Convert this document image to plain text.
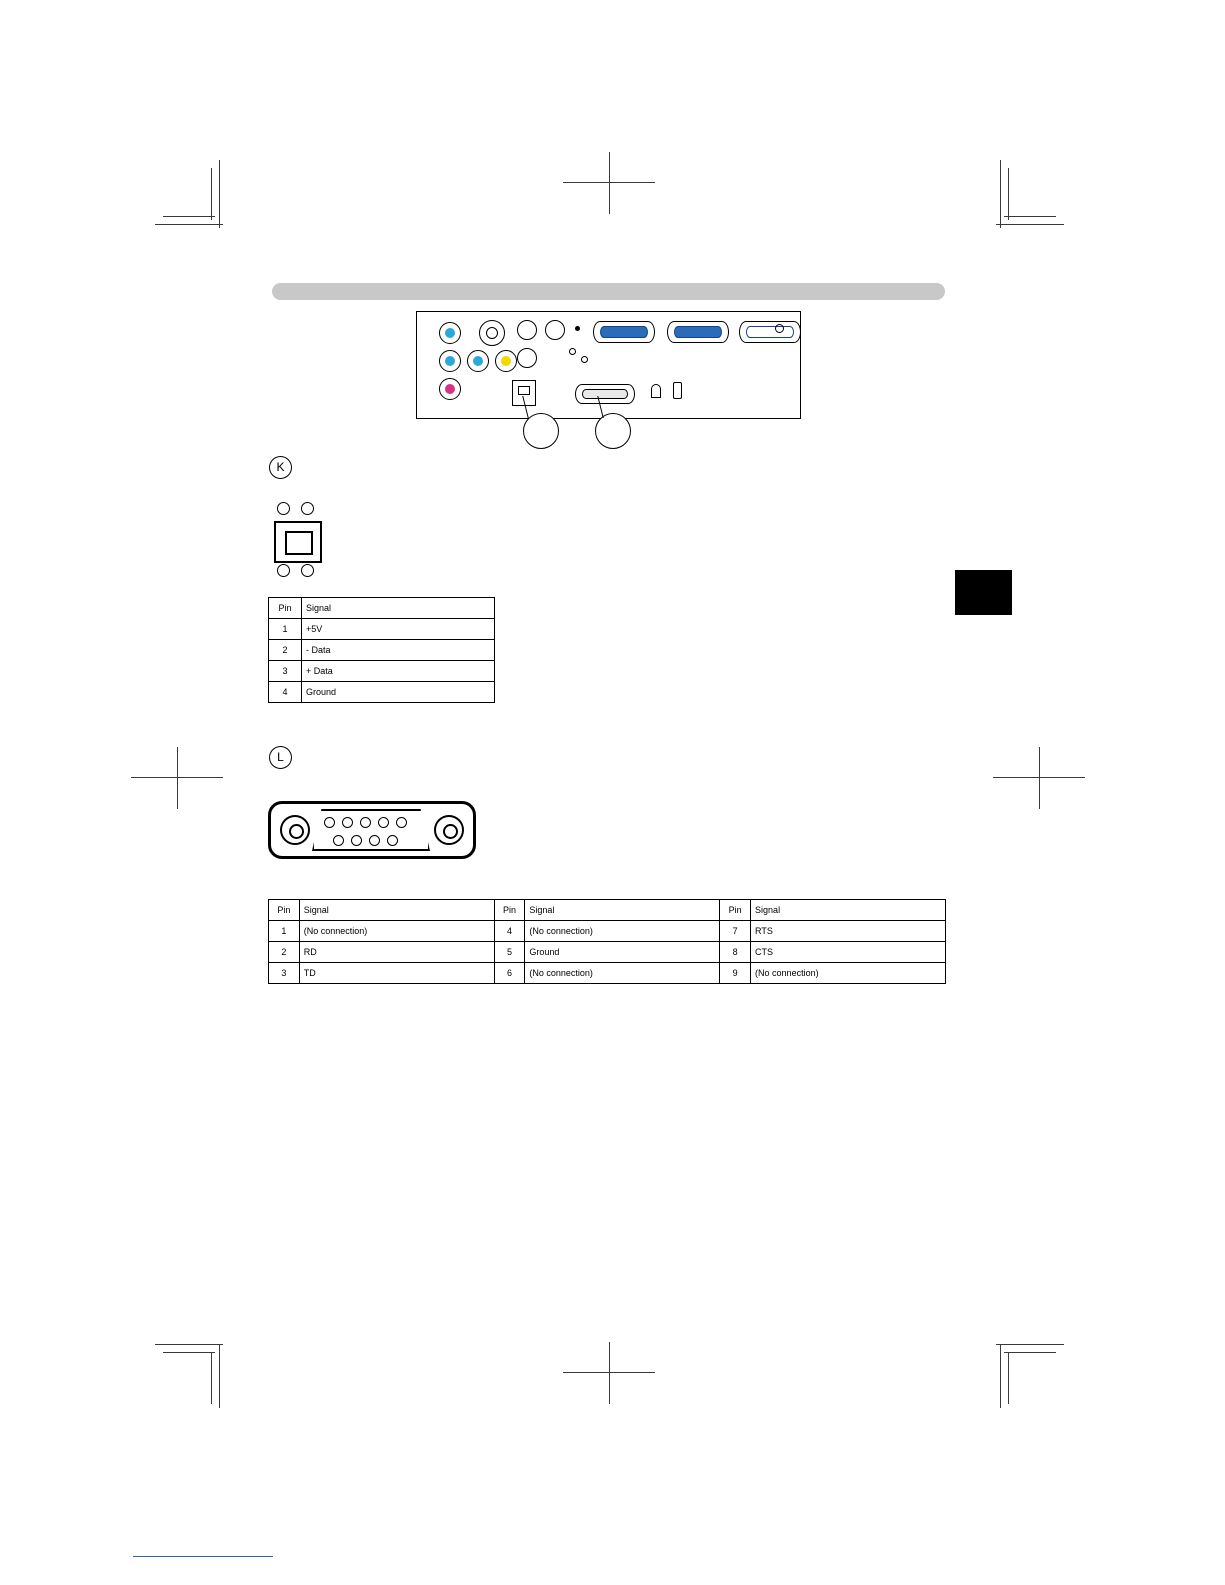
K
Pin	Signal
1	+5V
2	- Data
3	+ Data
4	Ground
L
Pin	Signal	Pin	Signal	Pin	Signal
1	(No connection)	4	(No connection)	7	RTS
2	RD	5	Ground	8	CTS
3	TD	6	(No connection)	9	(No connection)
